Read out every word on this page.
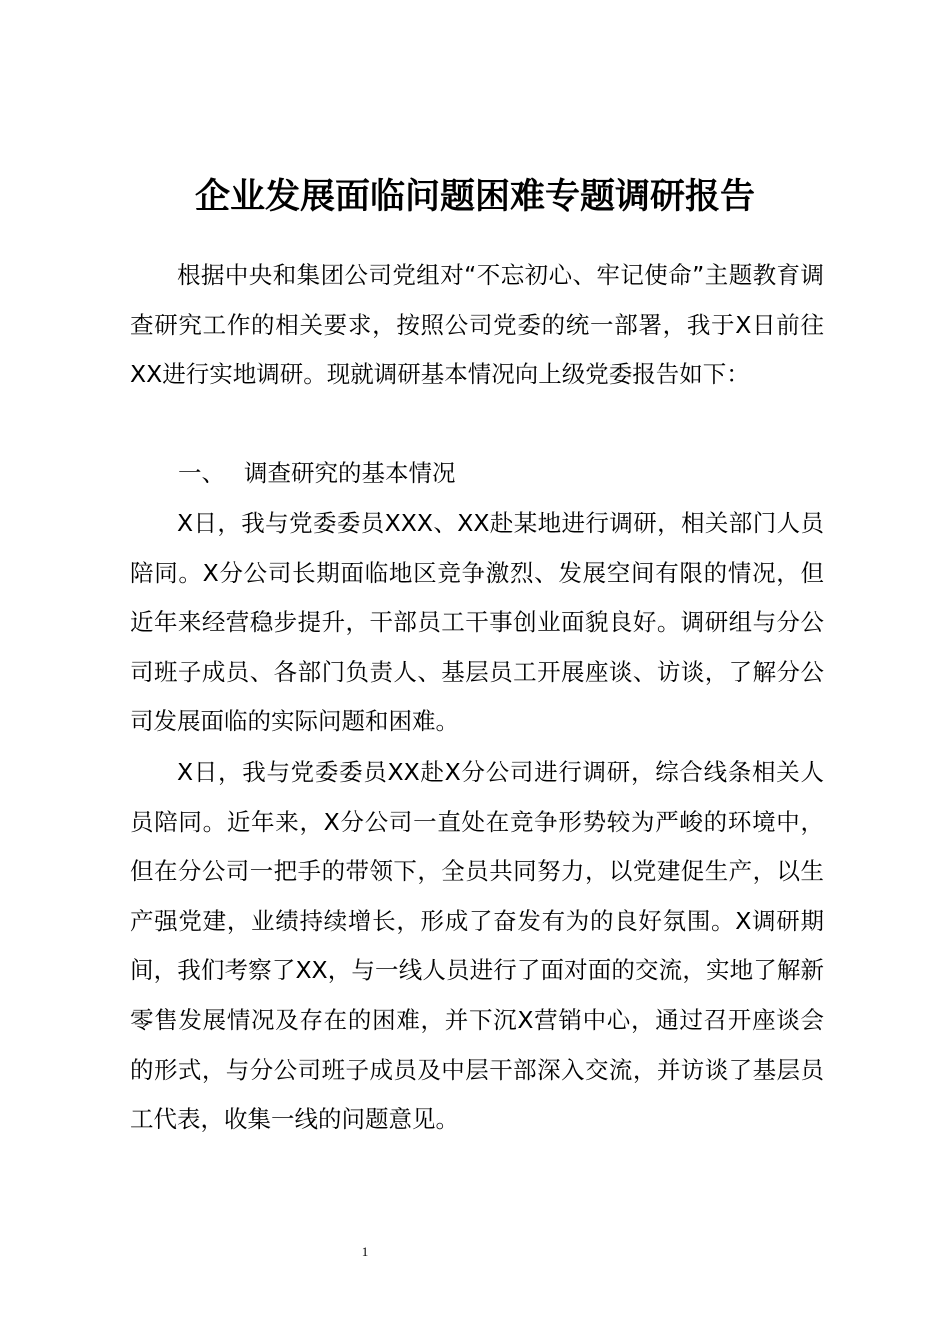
企业发展面临问题困难专题调研报告

根据中央和集团公司党组对“不忘初心、牢记使命”主题教育调查研究工作的相关要求，按照公司党委的统一部署，我于X日前往XX进行实地调研。现就调研基本情况向上级党委报告如下：

一、 调查研究的基本情况

X日，我与党委委员XXX、XX赴某地进行调研，相关部门人员陪同。X分公司长期面临地区竞争激烈、发展空间有限的情况，但近年来经营稳步提升，干部员工干事创业面貌良好。调研组与分公司班子成员、各部门负责人、基层员工开展座谈、访谈，了解分公司发展面临的实际问题和困难。

X日，我与党委委员XX赴X分公司进行调研，综合线条相关人员陪同。近年来，X分公司一直处在竞争形势较为严峻的环境中，但在分公司一把手的带领下，全员共同努力，以党建促生产，以生产强党建，业绩持续增长，形成了奋发有为的良好氛围。X调研期间，我们考察了XX，与一线人员进行了面对面的交流，实地了解新零售发展情况及存在的困难，并下沉X营销中心，通过召开座谈会的形式，与分公司班子成员及中层干部深入交流，并访谈了基层员工代表，收集一线的问题意见。

1
